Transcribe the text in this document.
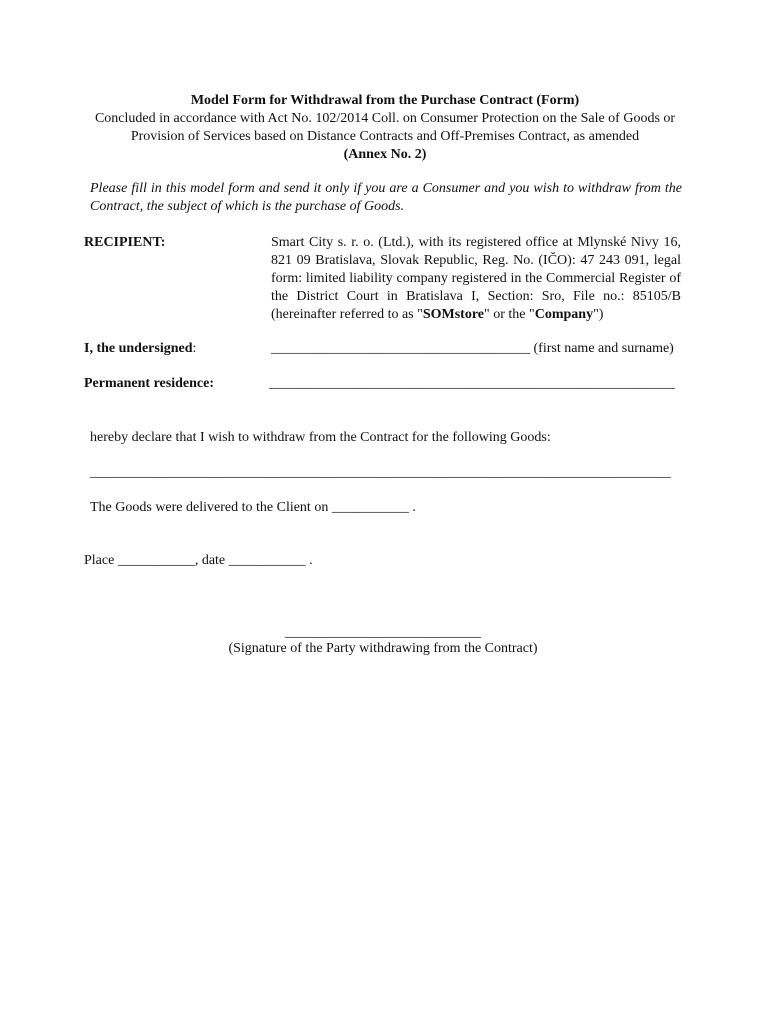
Model Form for Withdrawal from the Purchase Contract (Form)
Concluded in accordance with Act No. 102/2014 Coll. on Consumer Protection on the Sale of Goods or
Provision of Services based on Distance Contracts and Off-Premises Contract, as amended
(Annex No. 2)
Please fill in this model form and send it only if you are a Consumer and you wish to withdraw from the Contract, the subject of which is the purchase of Goods.
RECIPIENT:	Smart City s. r. o. (Ltd.), with its registered office at Mlynské Nivy 16, 821 09 Bratislava, Slovak Republic, Reg. No. (IČO): 47 243 091, legal form: limited liability company registered in the Commercial Register of the District Court in Bratislava I, Section: Sro, File no.: 85105/B (hereinafter referred to as "SOMstore" or the "Company")
I, the undersigned:	_____________________________________ (first name and surname)
Permanent residence:	__________________________________________________________
hereby declare that I wish to withdraw from the Contract for the following Goods:
___________________________________________________________________________________
The Goods were delivered to the Client on ___________ .
Place ___________, date ___________ .
____________________________
(Signature of the Party withdrawing from the Contract)
